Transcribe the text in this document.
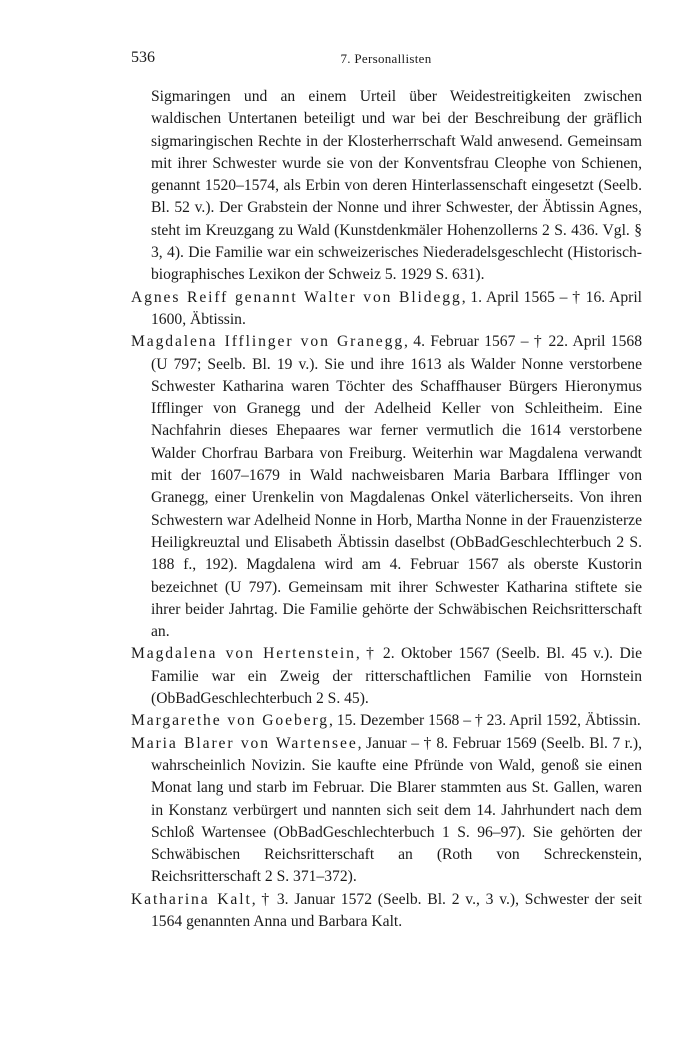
536	7. Personallisten

Sigmaringen und an einem Urteil über Weidestreitigkeiten zwischen waldischen Untertanen beteiligt und war bei der Beschreibung der gräflich sigmaringischen Rechte in der Klosterherrschaft Wald anwesend. Gemeinsam mit ihrer Schwester wurde sie von der Konventsfrau Cleophe von Schienen, genannt 1520–1574, als Erbin von deren Hinterlassenschaft eingesetzt (Seelb. Bl. 52 v.). Der Grabstein der Nonne und ihrer Schwester, der Äbtissin Agnes, steht im Kreuzgang zu Wald (Kunstdenkmäler Hohenzollerns 2 S. 436. Vgl. § 3, 4). Die Familie war ein schweizerisches Niederadelsgeschlecht (Historisch-biographisches Lexikon der Schweiz 5. 1929 S. 631).

Agnes Reiff genannt Walter von Blidegg, 1. April 1565 – † 16. April 1600, Äbtissin.

Magdalena Ifflinger von Granegg, 4. Februar 1567 – † 22. April 1568 (U 797; Seelb. Bl. 19 v.). Sie und ihre 1613 als Walder Nonne verstorbene Schwester Katharina waren Töchter des Schaffhauser Bürgers Hieronymus Ifflinger von Granegg und der Adelheid Keller von Schleitheim. Eine Nachfahrin dieses Ehepaares war ferner vermutlich die 1614 verstorbene Walder Chorfrau Barbara von Freiburg. Weiterhin war Magdalena verwandt mit der 1607–1679 in Wald nachweisbaren Maria Barbara Ifflinger von Granegg, einer Urenkelin von Magdalenas Onkel väterlicherseits. Von ihren Schwestern war Adelheid Nonne in Horb, Martha Nonne in der Frauenzisterze Heiligkreuztal und Elisabeth Äbtissin daselbst (ObBadGeschlechterbuch 2 S. 188 f., 192). Magdalena wird am 4. Februar 1567 als oberste Kustorin bezeichnet (U 797). Gemeinsam mit ihrer Schwester Katharina stiftete sie ihrer beider Jahrtag. Die Familie gehörte der Schwäbischen Reichsritterschaft an.

Magdalena von Hertenstein, † 2. Oktober 1567 (Seelb. Bl. 45 v.). Die Familie war ein Zweig der ritterschaftlichen Familie von Hornstein (ObBadGeschlechterbuch 2 S. 45).

Margarethe von Goeberg, 15. Dezember 1568 – † 23. April 1592, Äbtissin.

Maria Blarer von Wartensee, Januar – † 8. Februar 1569 (Seelb. Bl. 7 r.), wahrscheinlich Novizin. Sie kaufte eine Pfründe von Wald, genoß sie einen Monat lang und starb im Februar. Die Blarer stammten aus St. Gallen, waren in Konstanz verbürgert und nannten sich seit dem 14. Jahrhundert nach dem Schloß Wartensee (ObBadGeschlechterbuch 1 S. 96–97). Sie gehörten der Schwäbischen Reichsritterschaft an (Roth von Schreckenstein, Reichsritterschaft 2 S. 371–372).

Katharina Kalt, † 3. Januar 1572 (Seelb. Bl. 2 v., 3 v.), Schwester der seit 1564 genannten Anna und Barbara Kalt.
